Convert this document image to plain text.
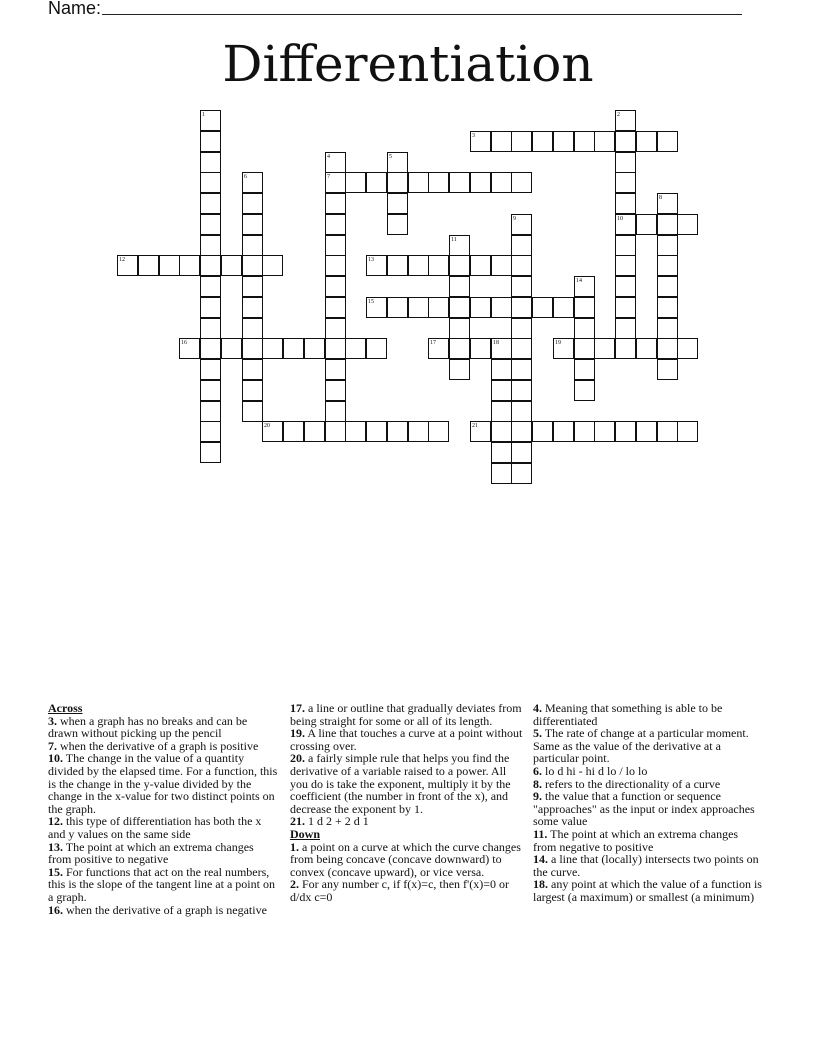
Name:
Differentiation
1	2
3
4	5
6	7
8
9	10
11
12	13
14
15
16	17	18	19
20	21

Across

3. when a graph has no breaks and can be drawn without picking up the pencil

7. when the derivative of a graph is positive

10. The change in the value of a quantity divided by the elapsed time. For a function, this is the change in the y-value divided by the change in the x-value for two distinct points on the graph.

12. this type of differentiation has both the x and y values on the same side

13. The point at which an extrema changes from positive to negative

15. For functions that act on the real numbers, this is the slope of the tangent line at a point on a graph.

16. when the derivative of a graph is negative

17. a line or outline that gradually deviates from being straight for some or all of its length.

19. A line that touches a curve at a point without crossing over.

20. a fairly simple rule that helps you find the derivative of a variable raised to a power. All you do is take the exponent, multiply it by the coefficient (the number in front of the x), and decrease the exponent by 1.

21. 1 d 2 + 2 d 1

Down

1. a point on a curve at which the curve changes from being concave (concave downward) to convex (concave upward), or vice versa.

2. For any number c, if f(x)=c, then f'(x)=0 or d/dx c=0

4. Meaning that something is able to be differentiated

5. The rate of change at a particular moment. Same as the value of the derivative at a particular point.

6. lo d hi - hi d lo / lo lo

8. refers to the directionality of a curve

9. the value that a function or sequence "approaches" as the input or index approaches some value

11. The point at which an extrema changes from negative to positive

14. a line that (locally) intersects two points on the curve.

18. any point at which the value of a function is largest (a maximum) or smallest (a minimum)
